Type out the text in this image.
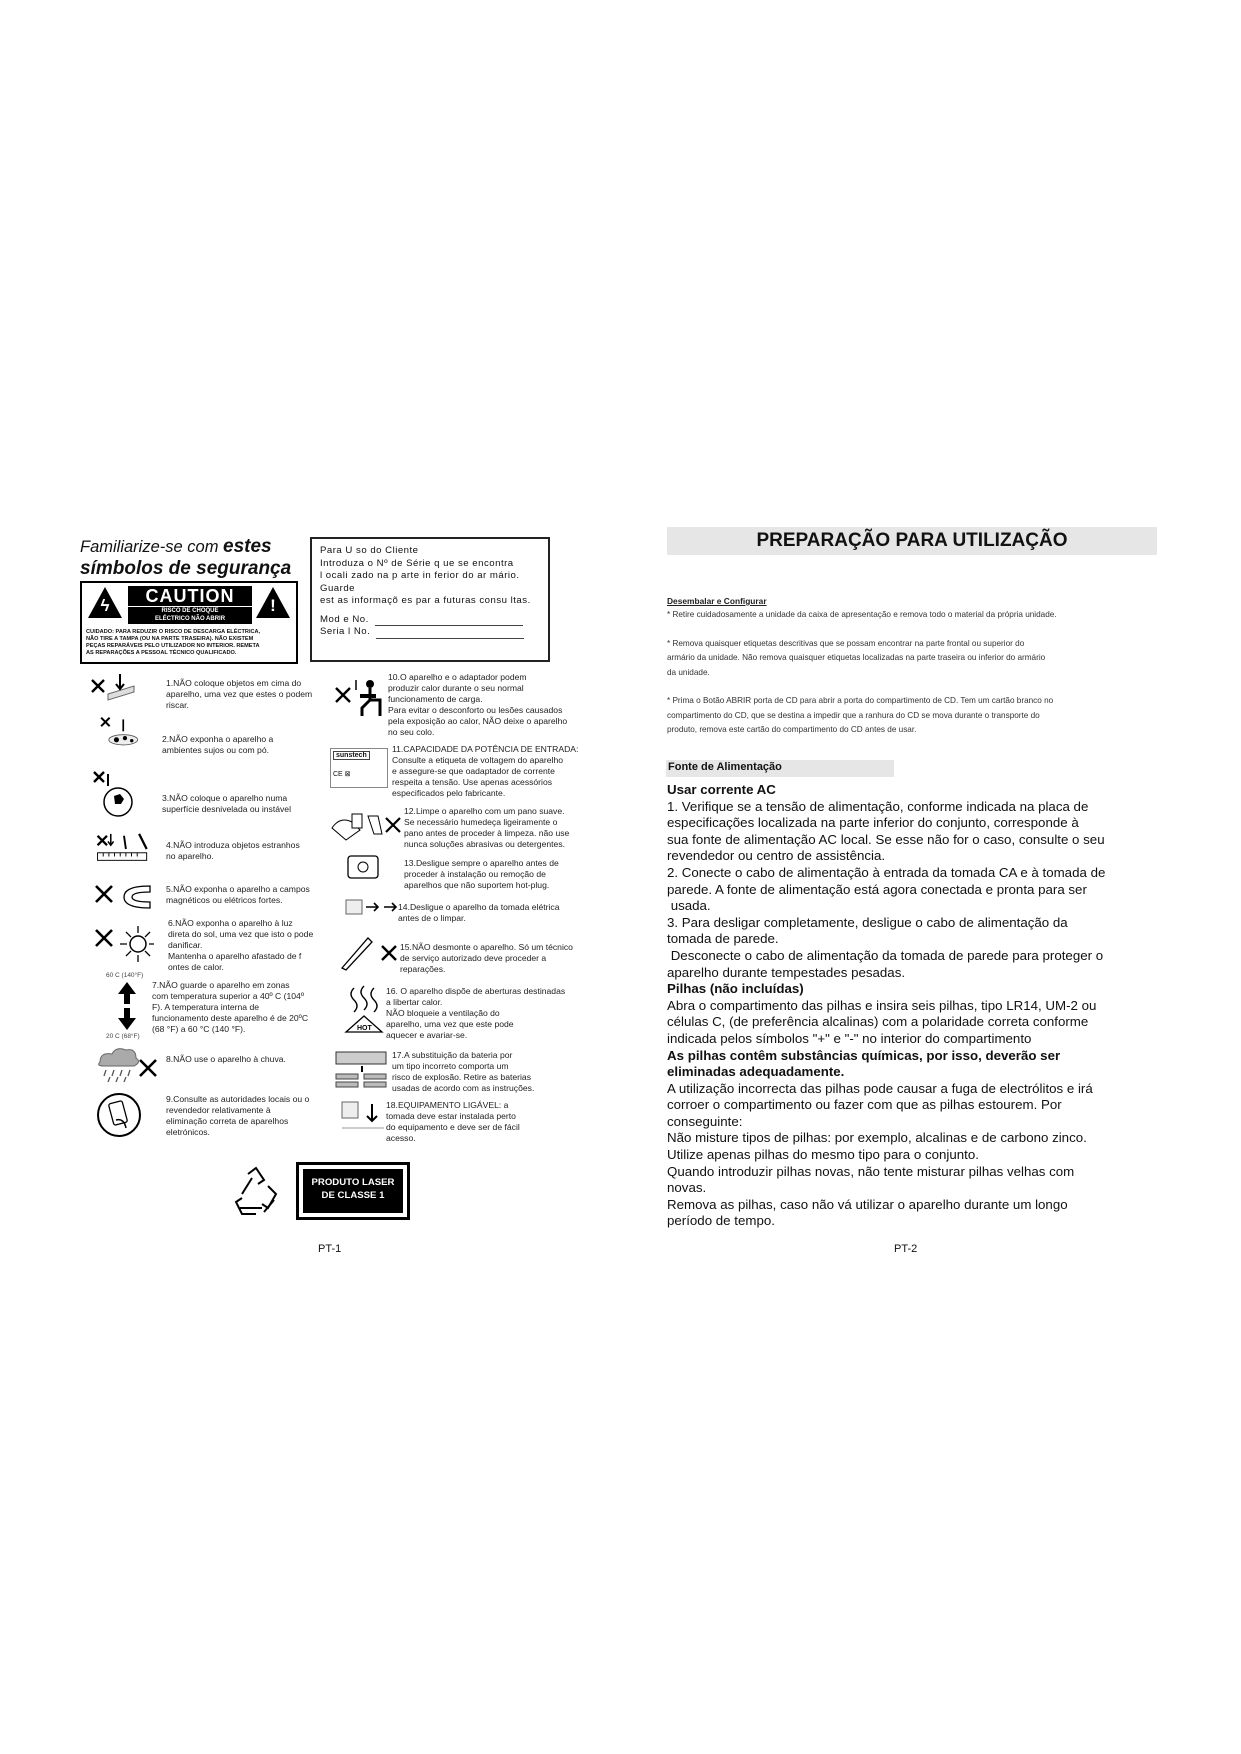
Familiarize-se com estes
símbolos de segurança
ϟ	CAUTION
RISCO DE CHOQUE
ELÉCTRICO NÃO ABRIR
!
CUIDADO: PARA REDUZIR O RISCO DE DESCARGA ELÉCTRICA,
NÃO TIRE A TAMPA (OU NA PARTE TRASEIRA). NÃO EXISTEM
PEÇAS REPARÁVEIS PELO UTILIZADOR NO INTERIOR. REMETA
AS REPARAÇÕES A PESSOAL TÉCNICO QUALIFICADO.
Para U so do Cliente
Introduza o Nº de Série q ue se encontra
l ocali zado na p arte in ferior do ar mário. Guarde
est as informaçõ es par a futuras consu ltas.
Mod e No.
Seria l No.
1.NÃO coloque objetos em cima do
aparelho, uma vez que estes o podem
riscar.
2.NÃO exponha o aparelho a
ambientes sujos ou com pó.
3.NÃO coloque o aparelho numa
superfície desnivelada ou instável
4.NÃO introduza objetos estranhos
no aparelho.
5.NÃO exponha o aparelho a campos
magnéticos ou elétricos fortes.
6.NÃO exponha o aparelho à luz
direta do sol, uma vez que isto o pode
danificar.
Mantenha o aparelho afastado de f
ontes de calor.
60 C (140°F)
20 C (68°F)
7.NÃO guarde o aparelho em zonas
com temperatura superior a 40º C (104º
F). A temperatura interna de
funcionamento deste aparelho é de 20ºC
(68 °F) a 60 °C (140 °F).
8.NÃO use o aparelho à chuva.
9.Consulte as autoridades locais ou o
revendedor relativamente à
eliminação correta de aparelhos
eletrónicos.
10.O aparelho e o adaptador podem
produzir calor durante o seu normal
funcionamento de carga.
Para evitar o desconforto ou lesões causados
pela exposição ao calor, NÃO deixe o aparelho
no seu colo.
sunstech
CE ⊠
11.CAPACIDADE DA POTÊNCIA DE ENTRADA:
Consulte a etiqueta de voltagem do aparelho
e assegure-se que oadaptador de corrente
respeita a tensão. Use apenas acessórios
especificados pelo fabricante.
12.Limpe o aparelho com um pano suave.
Se necessário humedeça ligeiramente o
pano antes de proceder à limpeza. não use
nunca soluções abrasivas ou detergentes.
13.Desligue sempre o aparelho antes de
proceder à instalação ou remoção de
aparelhos que não suportem hot-plug.
14.Desligue o aparelho da tomada elétrica
antes de o limpar.
15.NÃO desmonte o aparelho. Só um técnico
de serviço autorizado deve proceder a
reparações.
HOT
16. O aparelho dispõe de aberturas destinadas
a libertar calor.
NÃO bloqueie a ventilação do
aparelho, uma vez que este pode
aquecer e avariar-se.
17.A substituição da bateria por
um tipo incorreto comporta um
risco de explosão. Retire as baterias
usadas de acordo com as instruções.
18.EQUIPAMENTO LIGÁVEL: a
tomada deve estar instalada perto
do equipamento e deve ser de fácil
acesso.
PRODUTO LASER
DE CLASSE 1
PT-1
PREPARAÇÃO PARA UTILIZAÇÃO
Desembalar e Configurar
* Retire cuidadosamente a unidade da caixa de apresentação e remova todo o material da própria unidade.
* Remova quaisquer etiquetas descritivas que se possam encontrar na parte frontal ou superior do
armário da unidade. Não remova quaisquer etiquetas localizadas na parte traseira ou inferior do armário
da unidade.
* Prima o Botão ABRIR porta de CD para abrir a porta do compartimento de CD. Tem um cartão branco no
compartimento do CD, que se destina a impedir que a ranhura do CD se mova durante o transporte do
produto, remova este cartão do compartimento do CD antes de usar.
Fonte de Alimentação
Usar corrente AC
1. Verifique se a tensão de alimentação, conforme indicada na placa de
especificações localizada na parte inferior do conjunto, corresponde à
sua fonte de alimentação AC local. Se esse não for o caso, consulte o seu
revendedor ou centro de assistência.
2. Conecte o cabo de alimentação à entrada da tomada CA e à tomada de
parede. A fonte de alimentação está agora conectada e pronta para ser
usada.
3. Para desligar completamente, desligue o cabo de alimentação da
tomada de parede.
Desconecte o cabo de alimentação da tomada de parede para proteger o
aparelho durante tempestades pesadas.
Pilhas (não incluídas)
Abra o compartimento das pilhas e insira seis pilhas, tipo LR14, UM-2 ou
células C, (de preferência alcalinas) com a polaridade correta conforme
indicada pelos símbolos "+" e "-" no interior do compartimento
As pilhas contêm substâncias químicas, por isso, deverão ser
eliminadas adequadamente.
A utilização incorrecta das pilhas pode causar a fuga de electrólitos e irá
corroer o compartimento ou fazer com que as pilhas estourem. Por
conseguinte:
Não misture tipos de pilhas: por exemplo, alcalinas e de carbono zinco.
Utilize apenas pilhas do mesmo tipo para o conjunto.
Quando introduzir pilhas novas, não tente misturar pilhas velhas com
novas.
Remova as pilhas, caso não vá utilizar o aparelho durante um longo
período de tempo.
PT-2
